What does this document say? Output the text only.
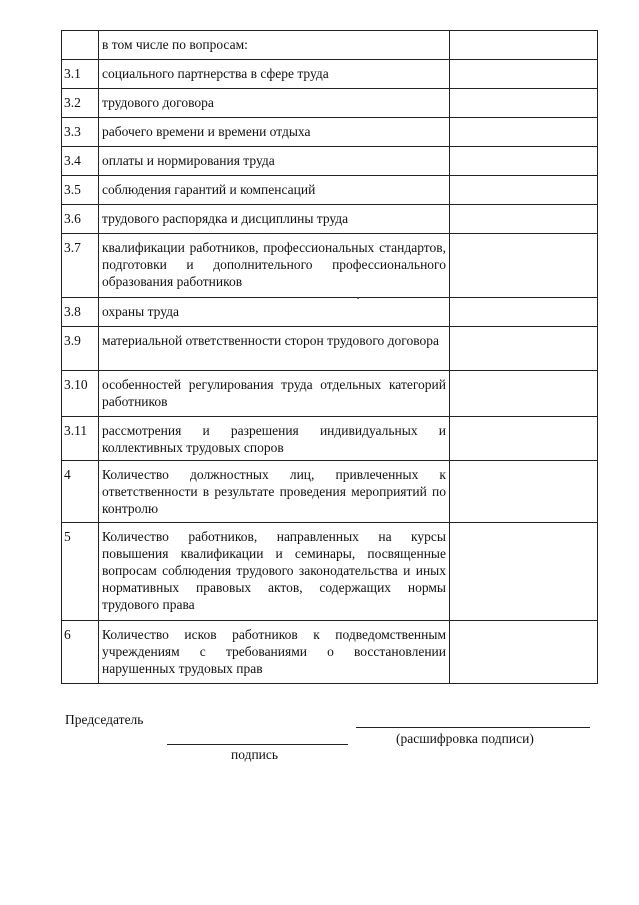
	в том числе по вопросам:	
3.1	социального партнерства в сфере труда	
3.2	трудового договора	
3.3	рабочего времени и времени отдыха	
3.4	оплаты и нормирования труда	
3.5	соблюдения гарантий и компенсаций	
3.6	трудового распорядка и дисциплины труда	
3.7	квалификации работников, профессиональных стандартов, подготовки и дополнительного профессионального образования работников	
3.8	охраны труда	
3.9	материальной ответственности сторон трудового договора	
3.10	особенностей регулирования труда отдельных категорий работников	
3.11	рассмотрения и разрешения индивидуальных и коллективных трудовых споров	
4	Количество должностных лиц, привлеченных к ответственности в результате проведения мероприятий по контролю	
5	Количество работников, направленных на курсы повышения квалификации и семинары, посвященные вопросам соблюдения трудового законодательства и иных нормативных правовых актов, содержащих нормы трудового права	
6	Количество исков работников к подведомственным учреждениям с требованиями о восстановлении нарушенных трудовых прав	
Председатель
(расшифровка подписи)
подпись
